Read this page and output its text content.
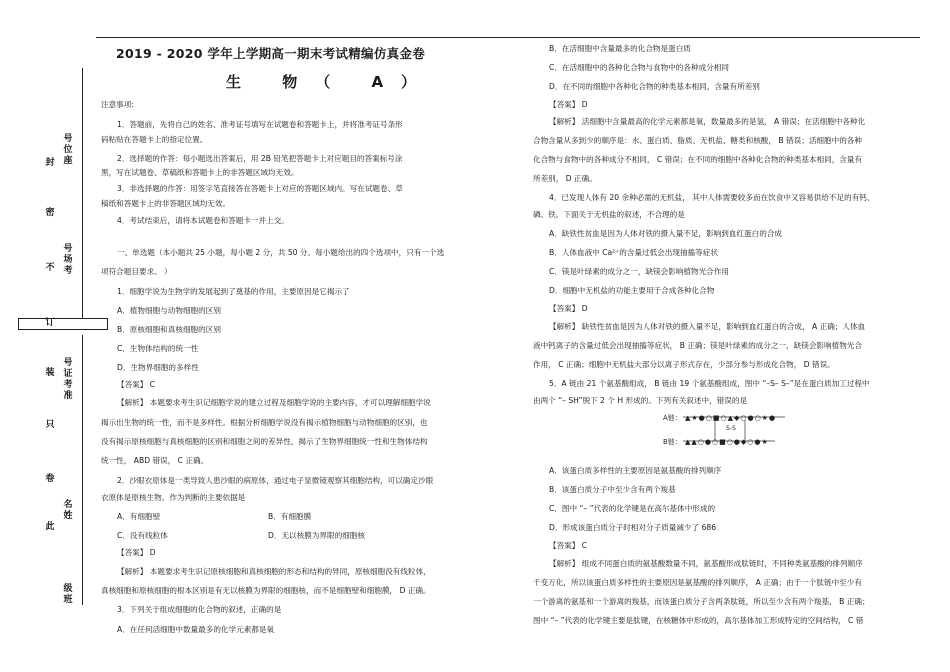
封
密
不
订
装
只
卷
此
号位座
号场考
号证考准
名姓
级班
2019 - 2020 学年上学期高一期末考试精编仿真金卷
生 物（ A）
注意事项:
1．答题前，先将自己的姓名、准考证号填写在试题卷和答题卡上，并将准考证号条形
码粘贴在答题卡上的指定位置。
2．选择题的作答：每小题选出答案后，用 2B 铅笔把答题卡上对应题目的答案标号涂
黑，写在试题卷、草稿纸和答题卡上的非答题区域均无效。
3．非选择题的作答：用签字笔直接答在答题卡上对应的答题区域内。写在试题卷、草
稿纸和答题卡上的非答题区域均无效。
4．考试结束后，请将本试题卷和答题卡一并上交。
一、单选题（本小题共 25 小题，每小题 2 分，共 50 分。每小题给出的四个选项中，只有一个选
项符合题目要求。 ）
1．细胞学说为生物学的发展起到了奠基的作用，主要原因是它揭示了
A．植物细胞与动物细胞的区别
B．原核细胞和真核细胞的区别
C．生物体结构的统一性
D．生物界细胞的多样性
【答案】 C
【解析】 本题要求考生识记细胞学说的建立过程及细胞学说的主要内容，才可以理解细胞学说
揭示出生物的统一性，而不是多样性。根据分析细胞学说没有揭示植物细胞与动物细胞的区别，也
没有揭示原核细胞与真核细胞的区别和细胞之间的差异性，揭示了生物界细胞统一性和生物体结构
统一性， ABD 错误， C 正确。
2．沙眼衣原体是一类导致人患沙眼的病原体，通过电子显微镜观察其细胞结构，可以确定沙眼
衣原体是原核生物。作为判断的主要依据是
A．有细胞壁	B．有细胞膜
C．没有线粒体	D．无以核膜为界限的细胞核
【答案】 D
【解析】 本题要求考生识记原核细胞和真核细胞的形态和结构的异同，原核细胞没有线粒体，
真核细胞和原核细胞的根本区别是有无以核膜为界限的细胞核，而不是细胞壁和细胞膜， D 正确。
3．下列关于组成细胞的化合物的叙述，正确的是
A．在任何活细胞中数量最多的化学元素都是氧
B．在活细胞中含量最多的化合物是蛋白质
C．在活细胞中的各种化合物与食物中的各种成分相同
D．在不同的细胞中各种化合物的种类基本相同，含量有所差别
【答案】 D
【解析】 活细胞中含量最高的化学元素都是氧，数量最多的是氢， A 错误；在活细胞中各种化
合物含量从多到少的顺序是：水、蛋白质、脂质、无机盐、糖类和核酸， B 错误；活细胞中的各种
化合物与食物中的各种成分不相同， C 错误；在不同的细胞中各种化合物的种类基本相同，含量有
所差别， D 正确。
4．已发现人体有 20 余种必需的无机盐， 其中人体需要较多而在饮食中又容易供给不足的有钙、
磷、铁。下面关于无机盐的叙述，不合理的是
A．缺铁性贫血是因为人体对铁的摄入量不足，影响到血红蛋白的合成
B．人体血液中 Ca²⁺的含量过低会出现抽搐等症状
C．镁是叶绿素的成分之一，缺镁会影响植物光合作用
D．细胞中无机盐的功能主要用于合成各种化合物
【答案】 D
【解析】 缺铁性贫血是因为人体对铁的摄入量不足，影响到血红蛋白的合成， A 正确；人体血
液中钙离子的含量过低会出现抽搐等症状， B 正确；镁是叶绿素的成分之一，缺镁会影响植物光合
作用， C 正确；细胞中无机盐大部分以离子形式存在，少部分参与形成化合物， D 错误。
5．A 链由 21 个氨基酸组成， B 链由 19 个氨基酸组成，图中 “–S– S–”是在蛋白质加工过程中
由两个 “– SH”脱下 2 个 H 形成的。下列有关叙述中，错误的是
A链： ▲★●○■○▲◆○●○★●
S-S
B链： ▲▲○●○■○●◆○●★
A．该蛋白质多样性的主要原因是氨基酸的排列顺序
B．该蛋白质分子中至少含有两个羧基
C．图中 “– ”代表的化学键是在高尔基体中形成的
D．形成该蛋白质分子时相对分子质量减少了 686
【答案】 C
【解析】 组成不同蛋白质的氨基酸数量不同，氨基酸形成肽链时，不同种类氨基酸的排列顺序
千变万化，所以该蛋白质多样性的主要原因是氨基酸的排列顺序， A 正确；由于一个肽链中至少有
一个游离的氨基和一个游离的羧基，而该蛋白质分子含两条肽链，所以至少含有两个羧基， B 正确；
图中 “– ”代表的化学键主要是肽键，在核糖体中形成的，高尔基体加工形成特定的空间结构， C 错
